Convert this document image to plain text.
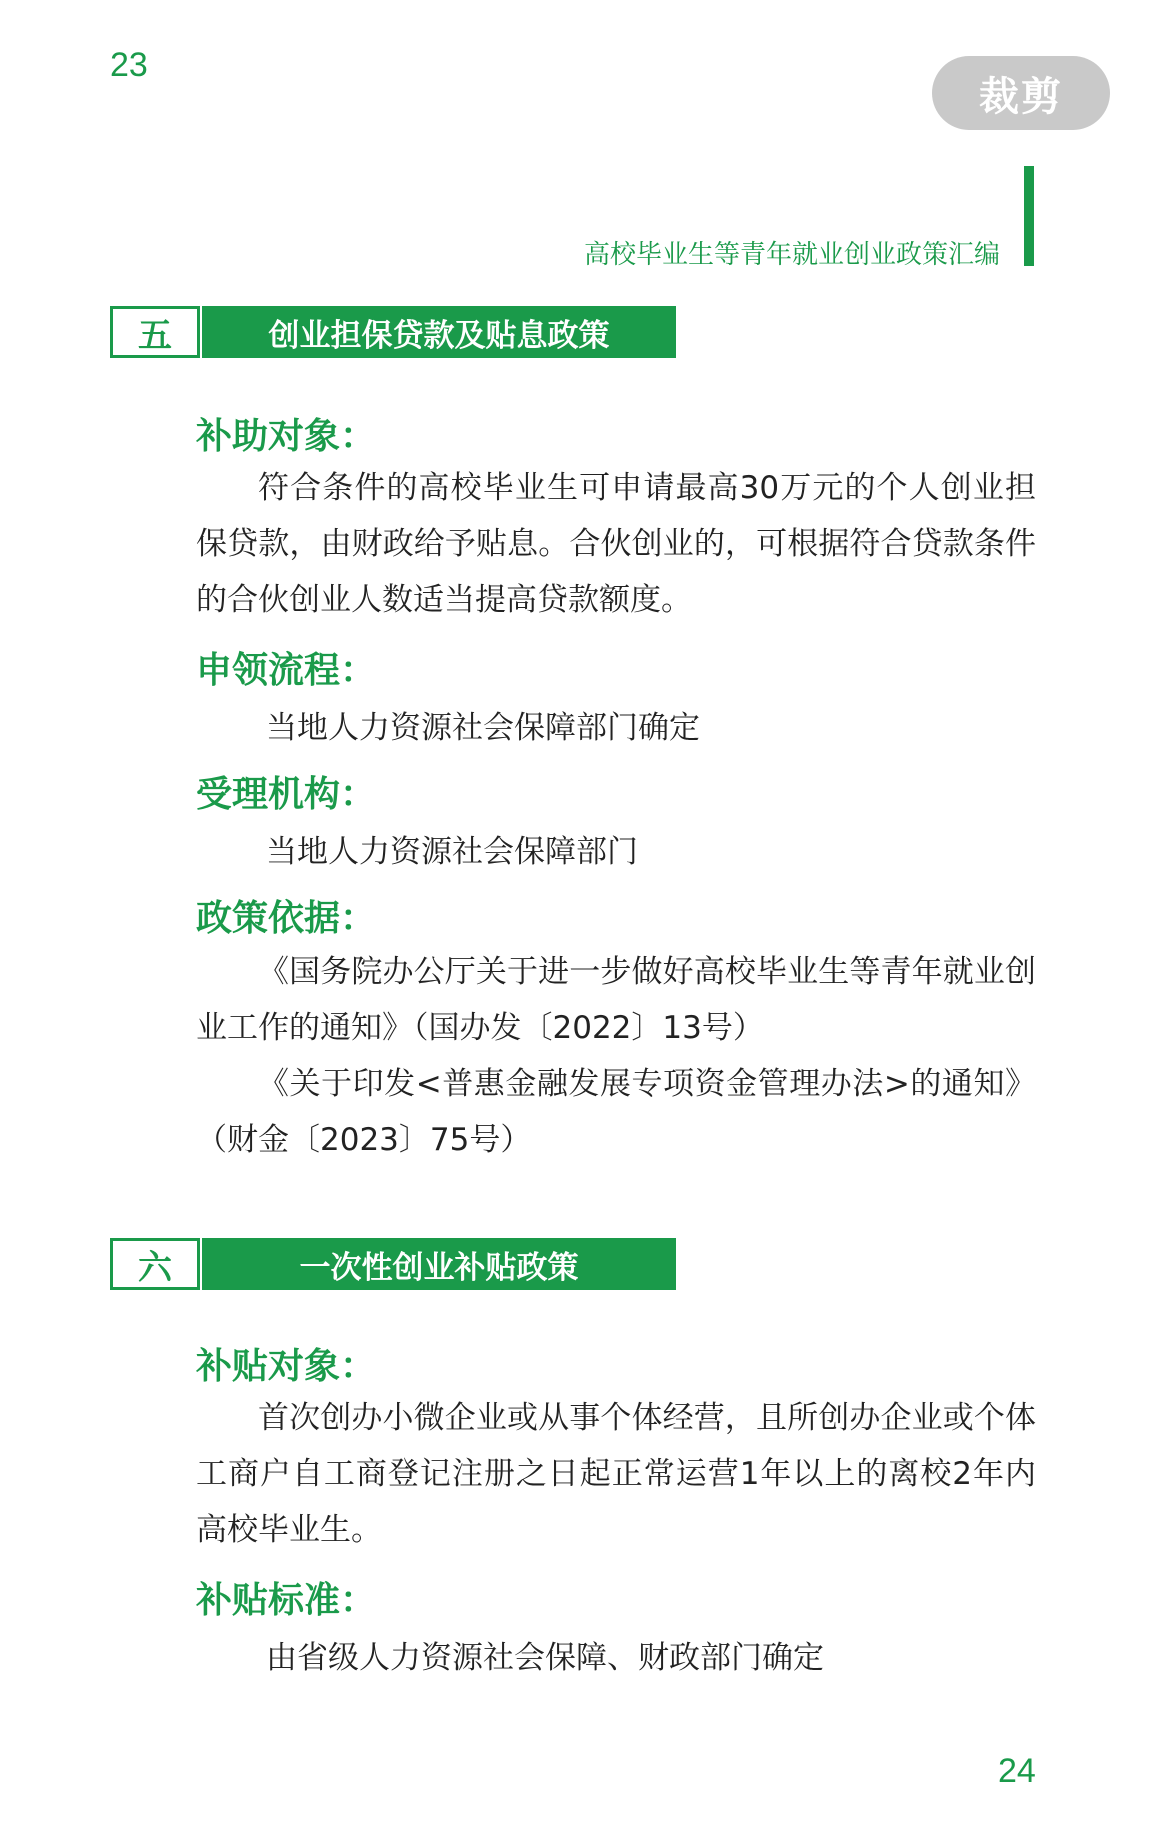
23
裁剪
高校毕业生等青年就业创业政策汇编
五	创业担保贷款及贴息政策
补助对象：

符合条件的高校毕业生可申请最高30万元的个人创业担保贷款，由财政给予贴息。合伙创业的，可根据符合贷款条件的合伙创业人数适当提高贷款额度。

申领流程：
当地人力资源社会保障部门确定
受理机构：
当地人力资源社会保障部门
政策依据：

《国务院办公厅关于进一步做好高校毕业生等青年就业创业工作的通知》（国办发〔2022〕13号）

《关于印发<普惠金融发展专项资金管理办法>的通知》（财金〔2023〕75号）

六	一次性创业补贴政策
补贴对象：

首次创办小微企业或从事个体经营，且所创办企业或个体工商户自工商登记注册之日起正常运营1年以上的离校2年内高校毕业生。

补贴标准：
由省级人力资源社会保障、财政部门确定
24
